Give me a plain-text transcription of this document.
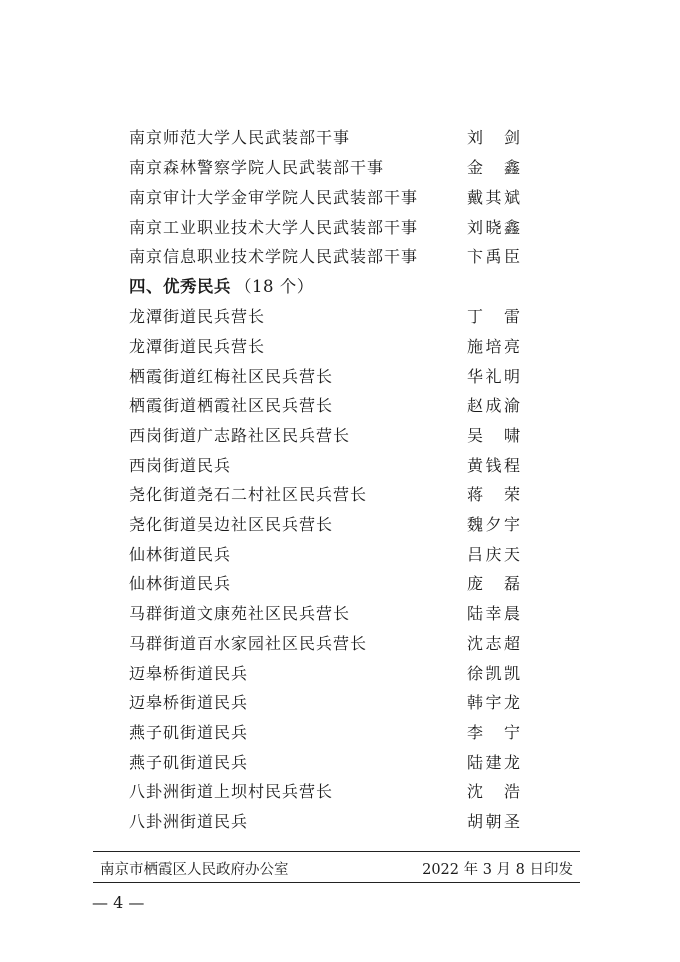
南京师范大学人民武装部干事	刘　剑
南京森林警察学院人民武装部干事	金　鑫
南京审计大学金审学院人民武装部干事	戴其斌
南京工业职业技术大学人民武装部干事	刘晓鑫
南京信息职业技术学院人民武装部干事	卞禹臣
四、优秀民兵 （18 个）
龙潭街道民兵营长	丁　雷
龙潭街道民兵营长	施培亮
栖霞街道红梅社区民兵营长	华礼明
栖霞街道栖霞社区民兵营长	赵成渝
西岗街道广志路社区民兵营长	吴　啸
西岗街道民兵	黄钱程
尧化街道尧石二村社区民兵营长	蒋　荣
尧化街道吴边社区民兵营长	魏夕宇
仙林街道民兵	吕庆天
仙林街道民兵	庞　磊
马群街道文康苑社区民兵营长	陆幸晨
马群街道百水家园社区民兵营长	沈志超
迈皋桥街道民兵	徐凯凯
迈皋桥街道民兵	韩宇龙
燕子矶街道民兵	李　宁
燕子矶街道民兵	陆建龙
八卦洲街道上坝村民兵营长	沈　浩
八卦洲街道民兵	胡朝圣
南京市栖霞区人民政府办公室	2022 年 3 月 8 日印发
— 4 —
